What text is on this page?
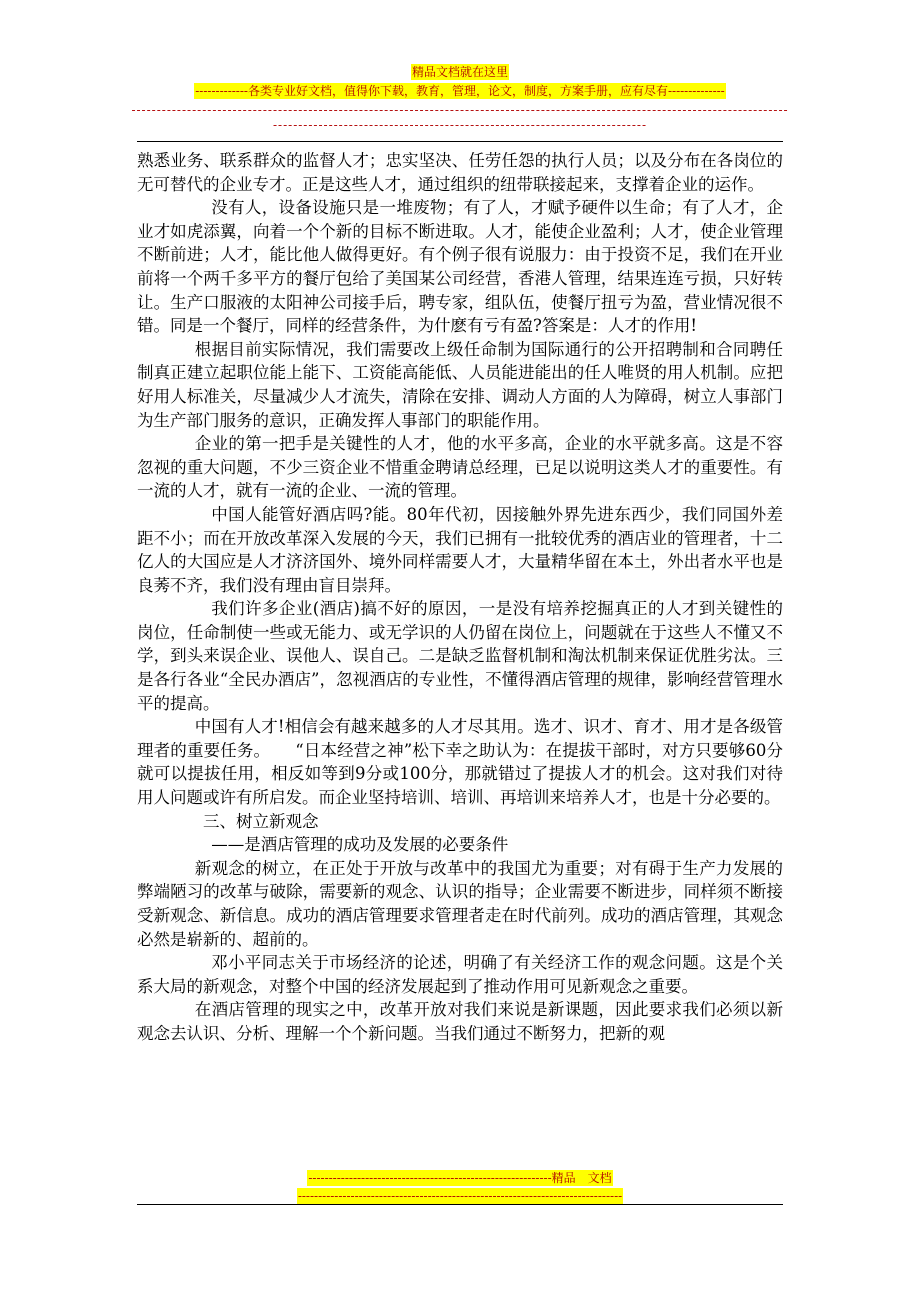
精品文档就在这里
-------------各类专业好文档，值得你下载，教育，管理，论文，制度，方案手册，应有尽有--------------
------------------------------------------------------------------------------------------------------------------------------------------------------------------------------------------------------------

熟悉业务、联系群众的监督人才；忠实坚决、任劳任怨的执行人员；以及分布在各岗位的无可替代的企业专才。正是这些人才，通过组织的纽带联接起来，支撑着企业的运作。

没有人，设备设施只是一堆废物；有了人，才赋予硬件以生命；有了人才，企业才如虎添翼，向着一个个新的目标不断进取。人才，能使企业盈利；人才，使企业管理不断前进；人才，能比他人做得更好。有个例子很有说服力：由于投资不足，我们在开业前将一个两千多平方的餐厅包给了美国某公司经营，香港人管理，结果连连亏损，只好转让。生产口服液的太阳神公司接手后，聘专家，组队伍，使餐厅扭亏为盈，营业情况很不错。同是一个餐厅，同样的经营条件，为什麽有亏有盈?答案是：人才的作用!

根据目前实际情况，我们需要改上级任命制为国际通行的公开招聘制和合同聘任制真正建立起职位能上能下、工资能高能低、人员能进能出的任人唯贤的用人机制。应把好用人标准关，尽量减少人才流失，清除在安排、调动人方面的人为障碍，树立人事部门为生产部门服务的意识，正确发挥人事部门的职能作用。

企业的第一把手是关键性的人才，他的水平多高，企业的水平就多高。这是不容忽视的重大问题，不少三资企业不惜重金聘请总经理，已足以说明这类人才的重要性。有一流的人才，就有一流的企业、一流的管理。

中国人能管好酒店吗?能。80年代初，因接触外界先进东西少，我们同国外差距不小；而在开放改革深入发展的今天，我们已拥有一批较优秀的酒店业的管理者，十二亿人的大国应是人才济济国外、境外同样需要人才，大量精华留在本土，外出者水平也是良莠不齐，我们没有理由盲目崇拜。

我们许多企业(酒店)搞不好的原因，一是没有培养挖掘真正的人才到关键性的岗位，任命制使一些或无能力、或无学识的人仍留在岗位上，问题就在于这些人不懂又不学，到头来误企业、误他人、误自己。二是缺乏监督机制和淘汰机制来保证优胜劣汰。三是各行各业“全民办酒店”，忽视酒店的专业性，不懂得酒店管理的规律，影响经营管理水平的提高。

中国有人才!相信会有越来越多的人才尽其用。选才、识才、育才、用才是各级管理者的重要任务。　　“日本经营之神”松下幸之助认为：在提拔干部时，对方只要够60分就可以提拔任用，相反如等到9分或100分，那就错过了提拔人才的机会。这对我们对待用人问题或许有所启发。而企业坚持培训、培训、再培训来培养人才，也是十分必要的。

三、树立新观念

——是酒店管理的成功及发展的必要条件

新观念的树立，在正处于开放与改革中的我国尤为重要；对有碍于生产力发展的弊端陋习的改革与破除，需要新的观念、认识的指导；企业需要不断进步，同样须不断接受新观念、新信息。成功的酒店管理要求管理者走在时代前列。成功的酒店管理，其观念必然是崭新的、超前的。

邓小平同志关于市场经济的论述，明确了有关经济工作的观念问题。这是个关系大局的新观念，对整个中国的经济发展起到了推动作用可见新观念之重要。

在酒店管理的现实之中，改革开放对我们来说是新课题，因此要求我们必须以新观念去认识、分析、理解一个个新问题。当我们通过不断努力，把新的观

------------------------------------------------------------精品　文档
--------------------------------------------------------------------------------
